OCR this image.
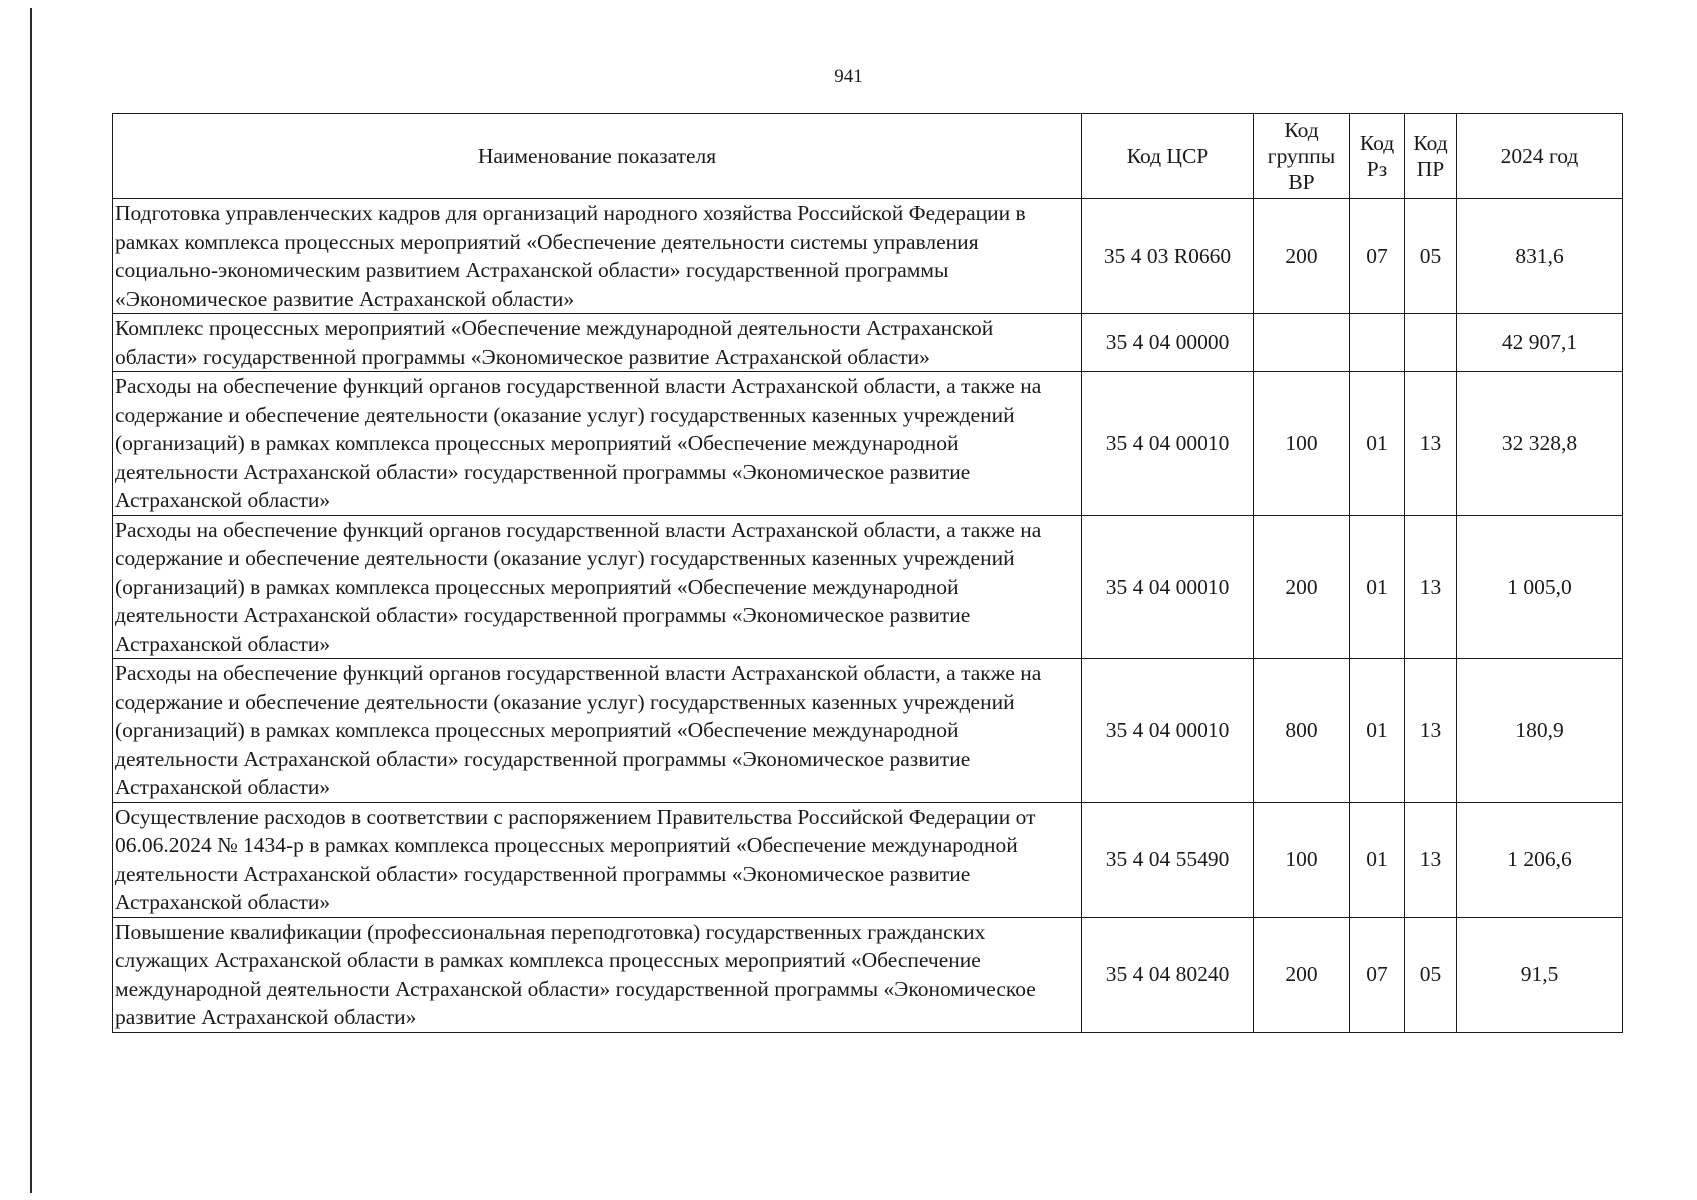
941
Наименование показателя	Код ЦСР	Код группы ВР	Код Рз	Код ПР	2024 год
Подготовка управленческих кадров для организаций народного хозяйства Российской Федерации в рамках комплекса процессных мероприятий «Обеспечение деятельности системы управления социально-экономическим развитием Астраханской области» государственной программы «Экономическое развитие Астраханской области»	35 4 03 R0660	200	07	05	831,6
Комплекс процессных мероприятий «Обеспечение международной деятельности Астраханской области» государственной программы «Экономическое развитие Астраханской области»	35 4 04 00000				42 907,1
Расходы на обеспечение функций органов государственной власти Астраханской области, а также на содержание и обеспечение деятельности (оказание услуг) государственных казенных учреждений (организаций) в рамках комплекса процессных мероприятий «Обеспечение международной деятельности Астраханской области» государственной программы «Экономическое развитие Астраханской области»	35 4 04 00010	100	01	13	32 328,8
Расходы на обеспечение функций органов государственной власти Астраханской области, а также на содержание и обеспечение деятельности (оказание услуг) государственных казенных учреждений (организаций) в рамках комплекса процессных мероприятий «Обеспечение международной деятельности Астраханской области» государственной программы «Экономическое развитие Астраханской области»	35 4 04 00010	200	01	13	1 005,0
Расходы на обеспечение функций органов государственной власти Астраханской области, а также на содержание и обеспечение деятельности (оказание услуг) государственных казенных учреждений (организаций) в рамках комплекса процессных мероприятий «Обеспечение международной деятельности Астраханской области» государственной программы «Экономическое развитие Астраханской области»	35 4 04 00010	800	01	13	180,9
Осуществление расходов в соответствии с распоряжением Правительства Российской Федерации от 06.06.2024 № 1434-р в рамках комплекса процессных мероприятий «Обеспечение международной деятельности Астраханской области» государственной программы «Экономическое развитие Астраханской области»	35 4 04 55490	100	01	13	1 206,6
Повышение квалификации (профессиональная переподготовка) государственных гражданских служащих Астраханской области в рамках комплекса процессных мероприятий «Обеспечение международной деятельности Астраханской области» государственной программы «Экономическое развитие Астраханской области»	35 4 04 80240	200	07	05	91,5
